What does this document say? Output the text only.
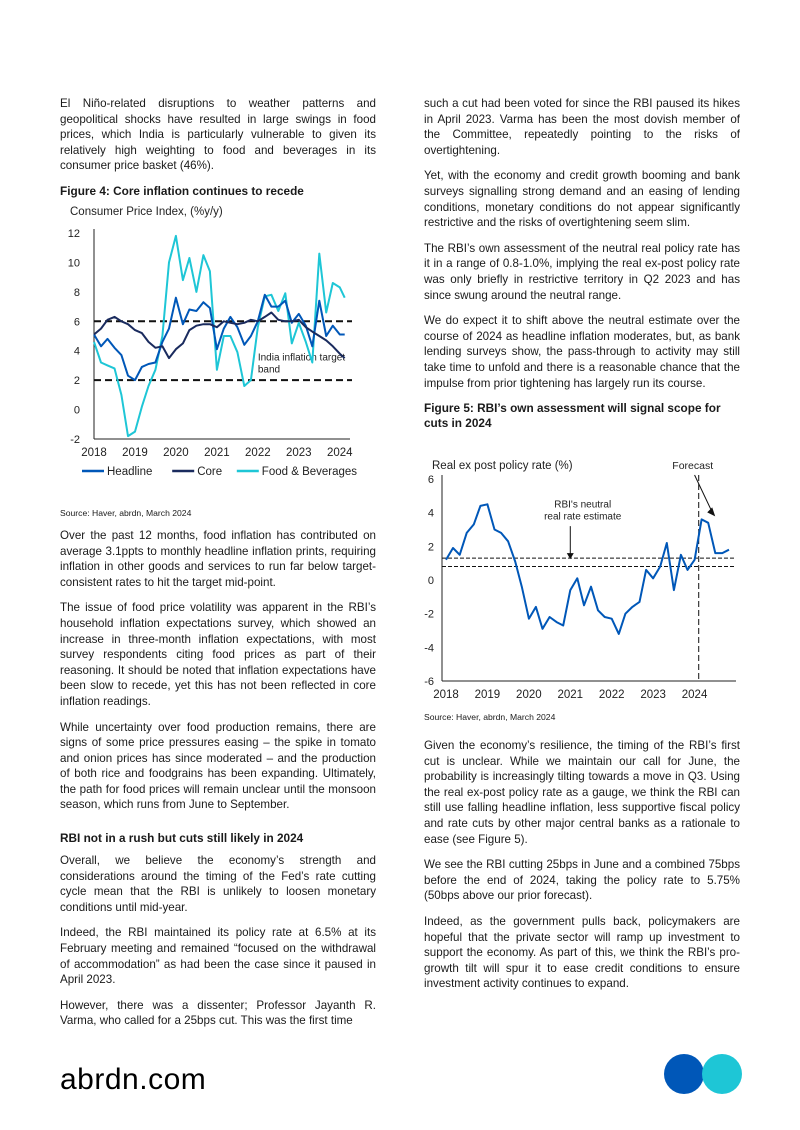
El Niño-related disruptions to weather patterns and geopolitical shocks have resulted in large swings in food prices, which India is particularly vulnerable to given its relatively high weighting to food and beverages in its consumer price basket (46%).

Figure 4: Core inflation continues to recede
Consumer Price Index, (%y/y)
12
10
8
6
4
2
0
-2
2018 2019 2020 2021 2022 2023 2024
India inflation target
band
Headline	Core	Food & Beverages
Source: Haver, abrdn, March 2024

Over the past 12 months, food inflation has contributed on average 3.1ppts to monthly headline inflation prints, requiring inflation in other goods and services to run far below target-consistent rates to hit the target mid-point.

The issue of food price volatility was apparent in the RBI’s household inflation expectations survey, which showed an increase in three-month inflation expectations, with most survey respondents citing food prices as part of their reasoning. It should be noted that inflation expectations have been slow to recede, yet this has not been reflected in core inflation readings.

While uncertainty over food production remains, there are signs of some price pressures easing – the spike in tomato and onion prices has since moderated – and the production of both rice and foodgrains has been expanding. Ultimately, the path for food prices will remain unclear until the monsoon season, which runs from June to September.

RBI not in a rush but cuts still likely in 2024

Overall, we believe the economy’s strength and considerations around the timing of the Fed’s rate cutting cycle mean that the RBI is unlikely to loosen monetary conditions until mid-year.

Indeed, the RBI maintained its policy rate at 6.5% at its February meeting and remained “focused on the withdrawal of accommodation” as had been the case since it paused in April 2023.

However, there was a dissenter; Professor Jayanth R. Varma, who called for a 25bps cut. This was the first time

such a cut had been voted for since the RBI paused its hikes in April 2023. Varma has been the most dovish member of the Committee, repeatedly pointing to the risks of overtightening.

Yet, with the economy and credit growth booming and bank surveys signalling strong demand and an easing of lending conditions, monetary conditions do not appear significantly restrictive and the risks of overtightening seem slim.

The RBI’s own assessment of the neutral real policy rate has it in a range of 0.8-1.0%, implying the real ex-post policy rate was only briefly in restrictive territory in Q2 2023 and has since swung around the neutral range.

We do expect it to shift above the neutral estimate over the course of 2024 as headline inflation moderates, but, as bank lending surveys show, the pass-through to activity may still take time to unfold and there is a reasonable chance that the impulse from prior tightening has largely run its course.

Figure 5: RBI’s own assessment will signal scope for cuts in 2024
Real ex post policy rate (%)	Forecast
6
4
2
0
-2
-4
-6
2018 2019 2020 2021 2022 2023 2024
RBI's neutral
real rate estimate
Source: Haver, abrdn, March 2024

Given the economy’s resilience, the timing of the RBI’s first cut is unclear. While we maintain our call for June, the probability is increasingly tilting towards a move in Q3. Using the real ex-post policy rate as a gauge, we think the RBI can still use falling headline inflation, less supportive fiscal policy and rate cuts by other major central banks as a rationale to ease (see Figure 5).

We see the RBI cutting 25bps in June and a combined 75bps before the end of 2024, taking the policy rate to 5.75% (50bps above our prior forecast).

Indeed, as the government pulls back, policymakers are hopeful that the private sector will ramp up investment to support the economy. As part of this, we think the RBI’s pro-growth tilt will spur it to ease credit conditions to ensure investment activity continues to expand.

abrdn.com
